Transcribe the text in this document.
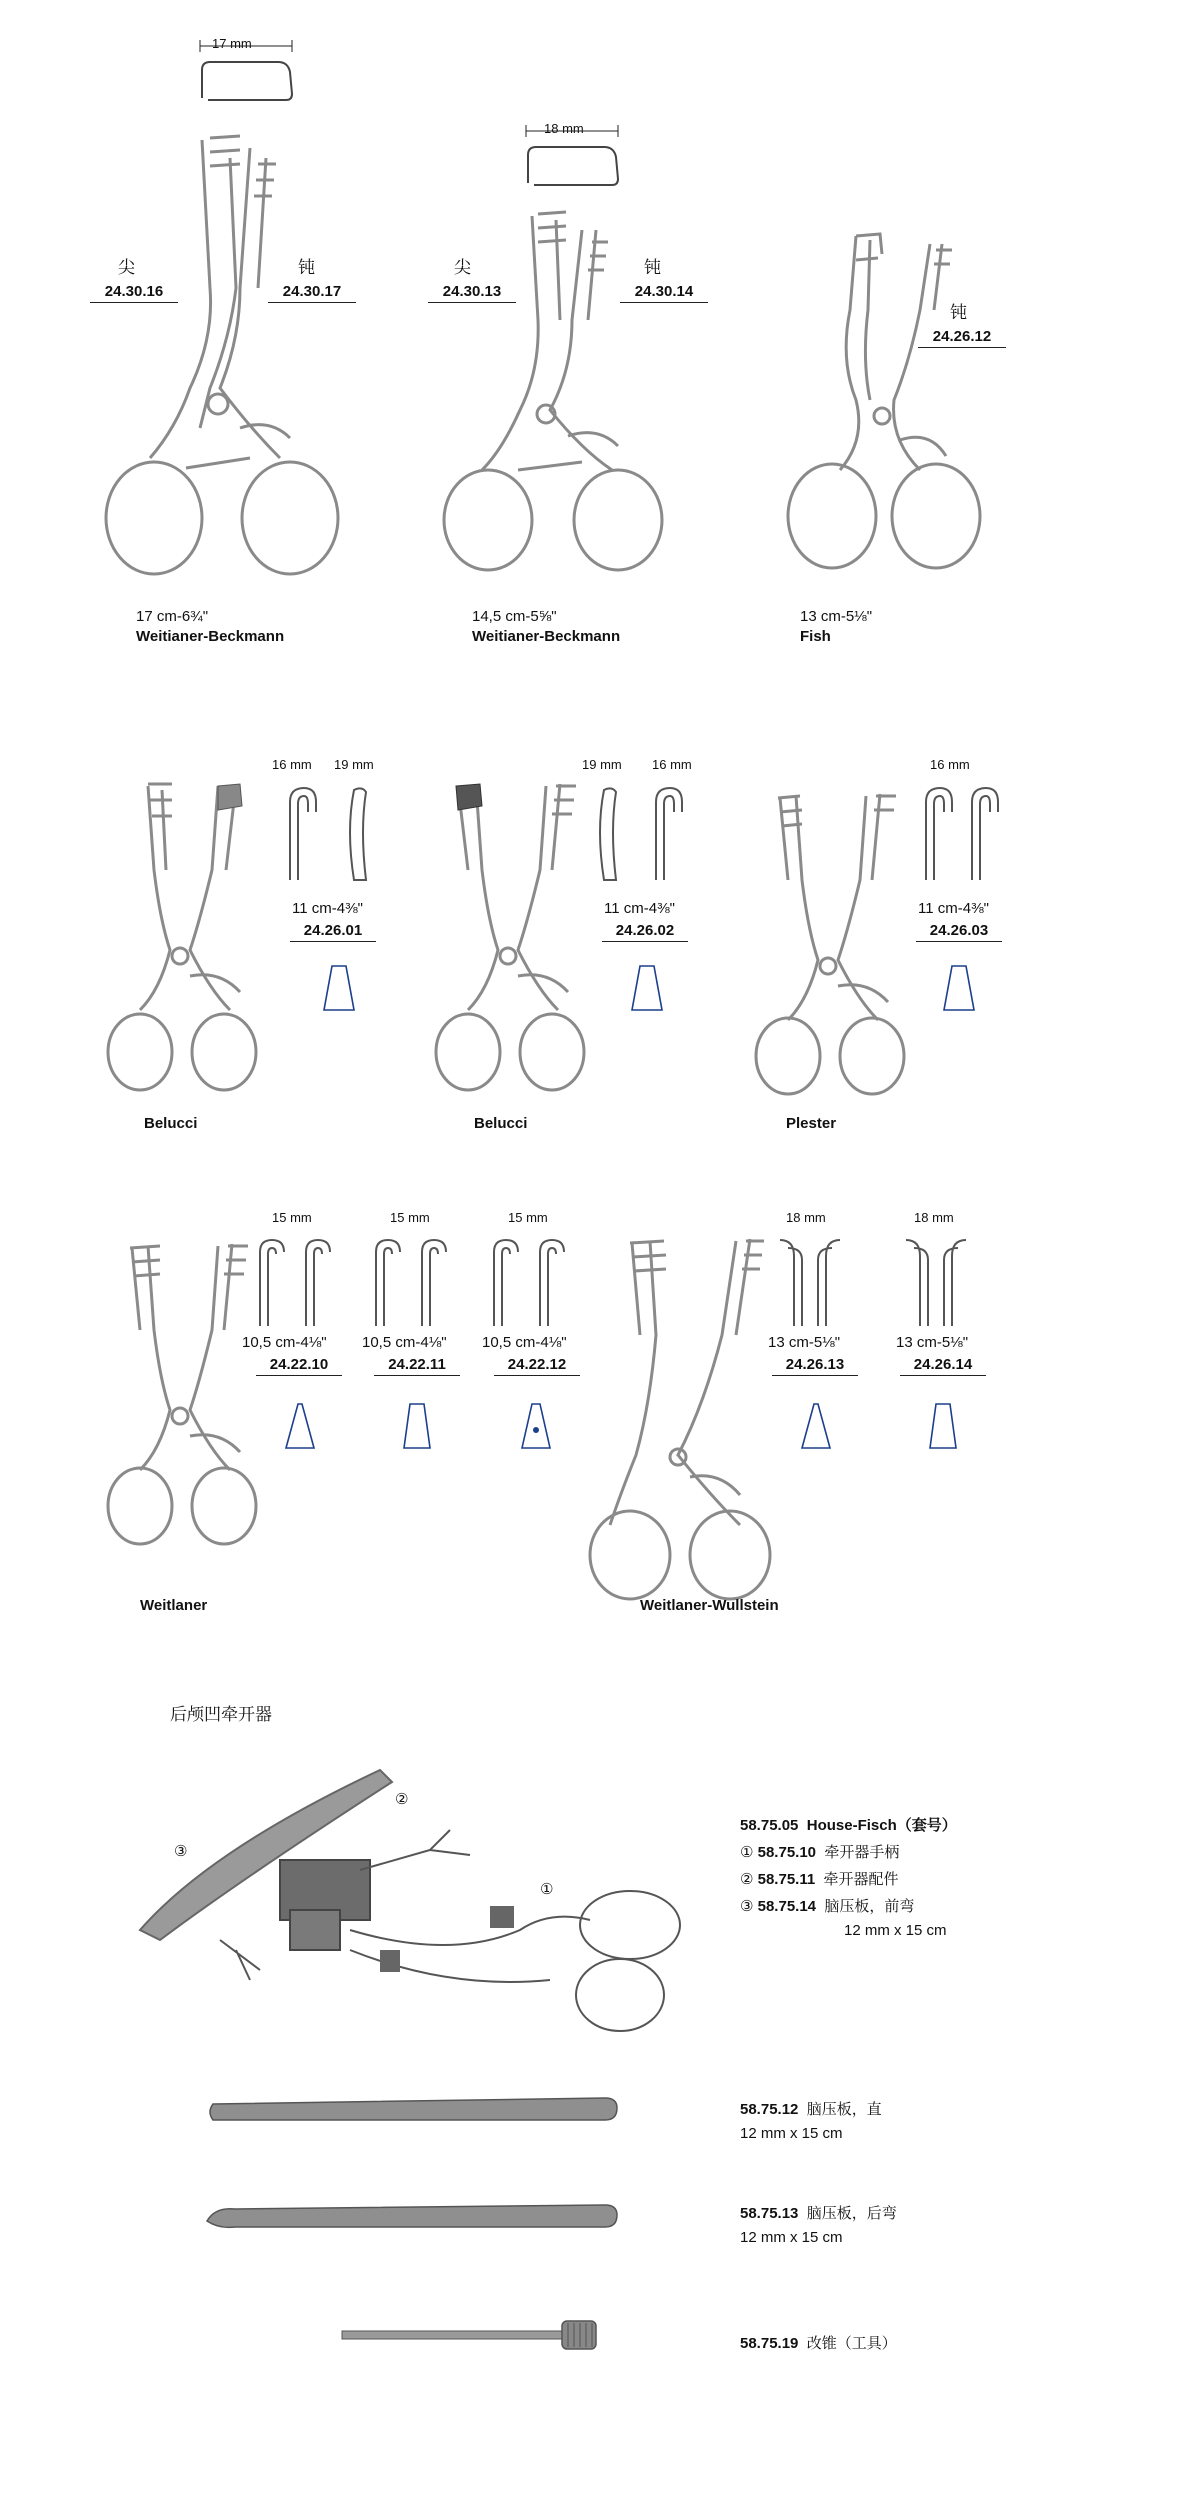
17 mm
尖
24.30.16
钝
24.30.17
17 cm-6¾"
Weitianer-Beckmann
18 mm
尖
24.30.13
钝
24.30.14
14,5 cm-5⅝"
Weitianer-Beckmann
钝
24.26.12
13 cm-5⅛"
Fish
16 mm 19 mm
11 cm-4⅜"
24.26.01
Belucci
19 mm 16 mm
11 cm-4⅜"
24.26.02
Belucci
16 mm
11 cm-4⅜"
24.26.03
Plester
Weitlaner
15 mm
10,5 cm-4⅛"
24.22.10
15 mm
10,5 cm-4⅛"
24.22.11
15 mm
10,5 cm-4⅛"
24.22.12
Weitlaner-Wullstein
18 mm
13 cm-5⅛"
24.26.13
18 mm
13 cm-5⅛"
24.26.14
后颅凹牵开器
①
②
③
58.75.05 House-Fisch（套号）
① 58.75.10 牵开器手柄
② 58.75.11 牵开器配件
③ 58.75.14 脑压板，前弯
12 mm x 15 cm
58.75.12 脑压板，直
12 mm x 15 cm
58.75.13 脑压板，后弯
12 mm x 15 cm
58.75.19 改锥（工具）
